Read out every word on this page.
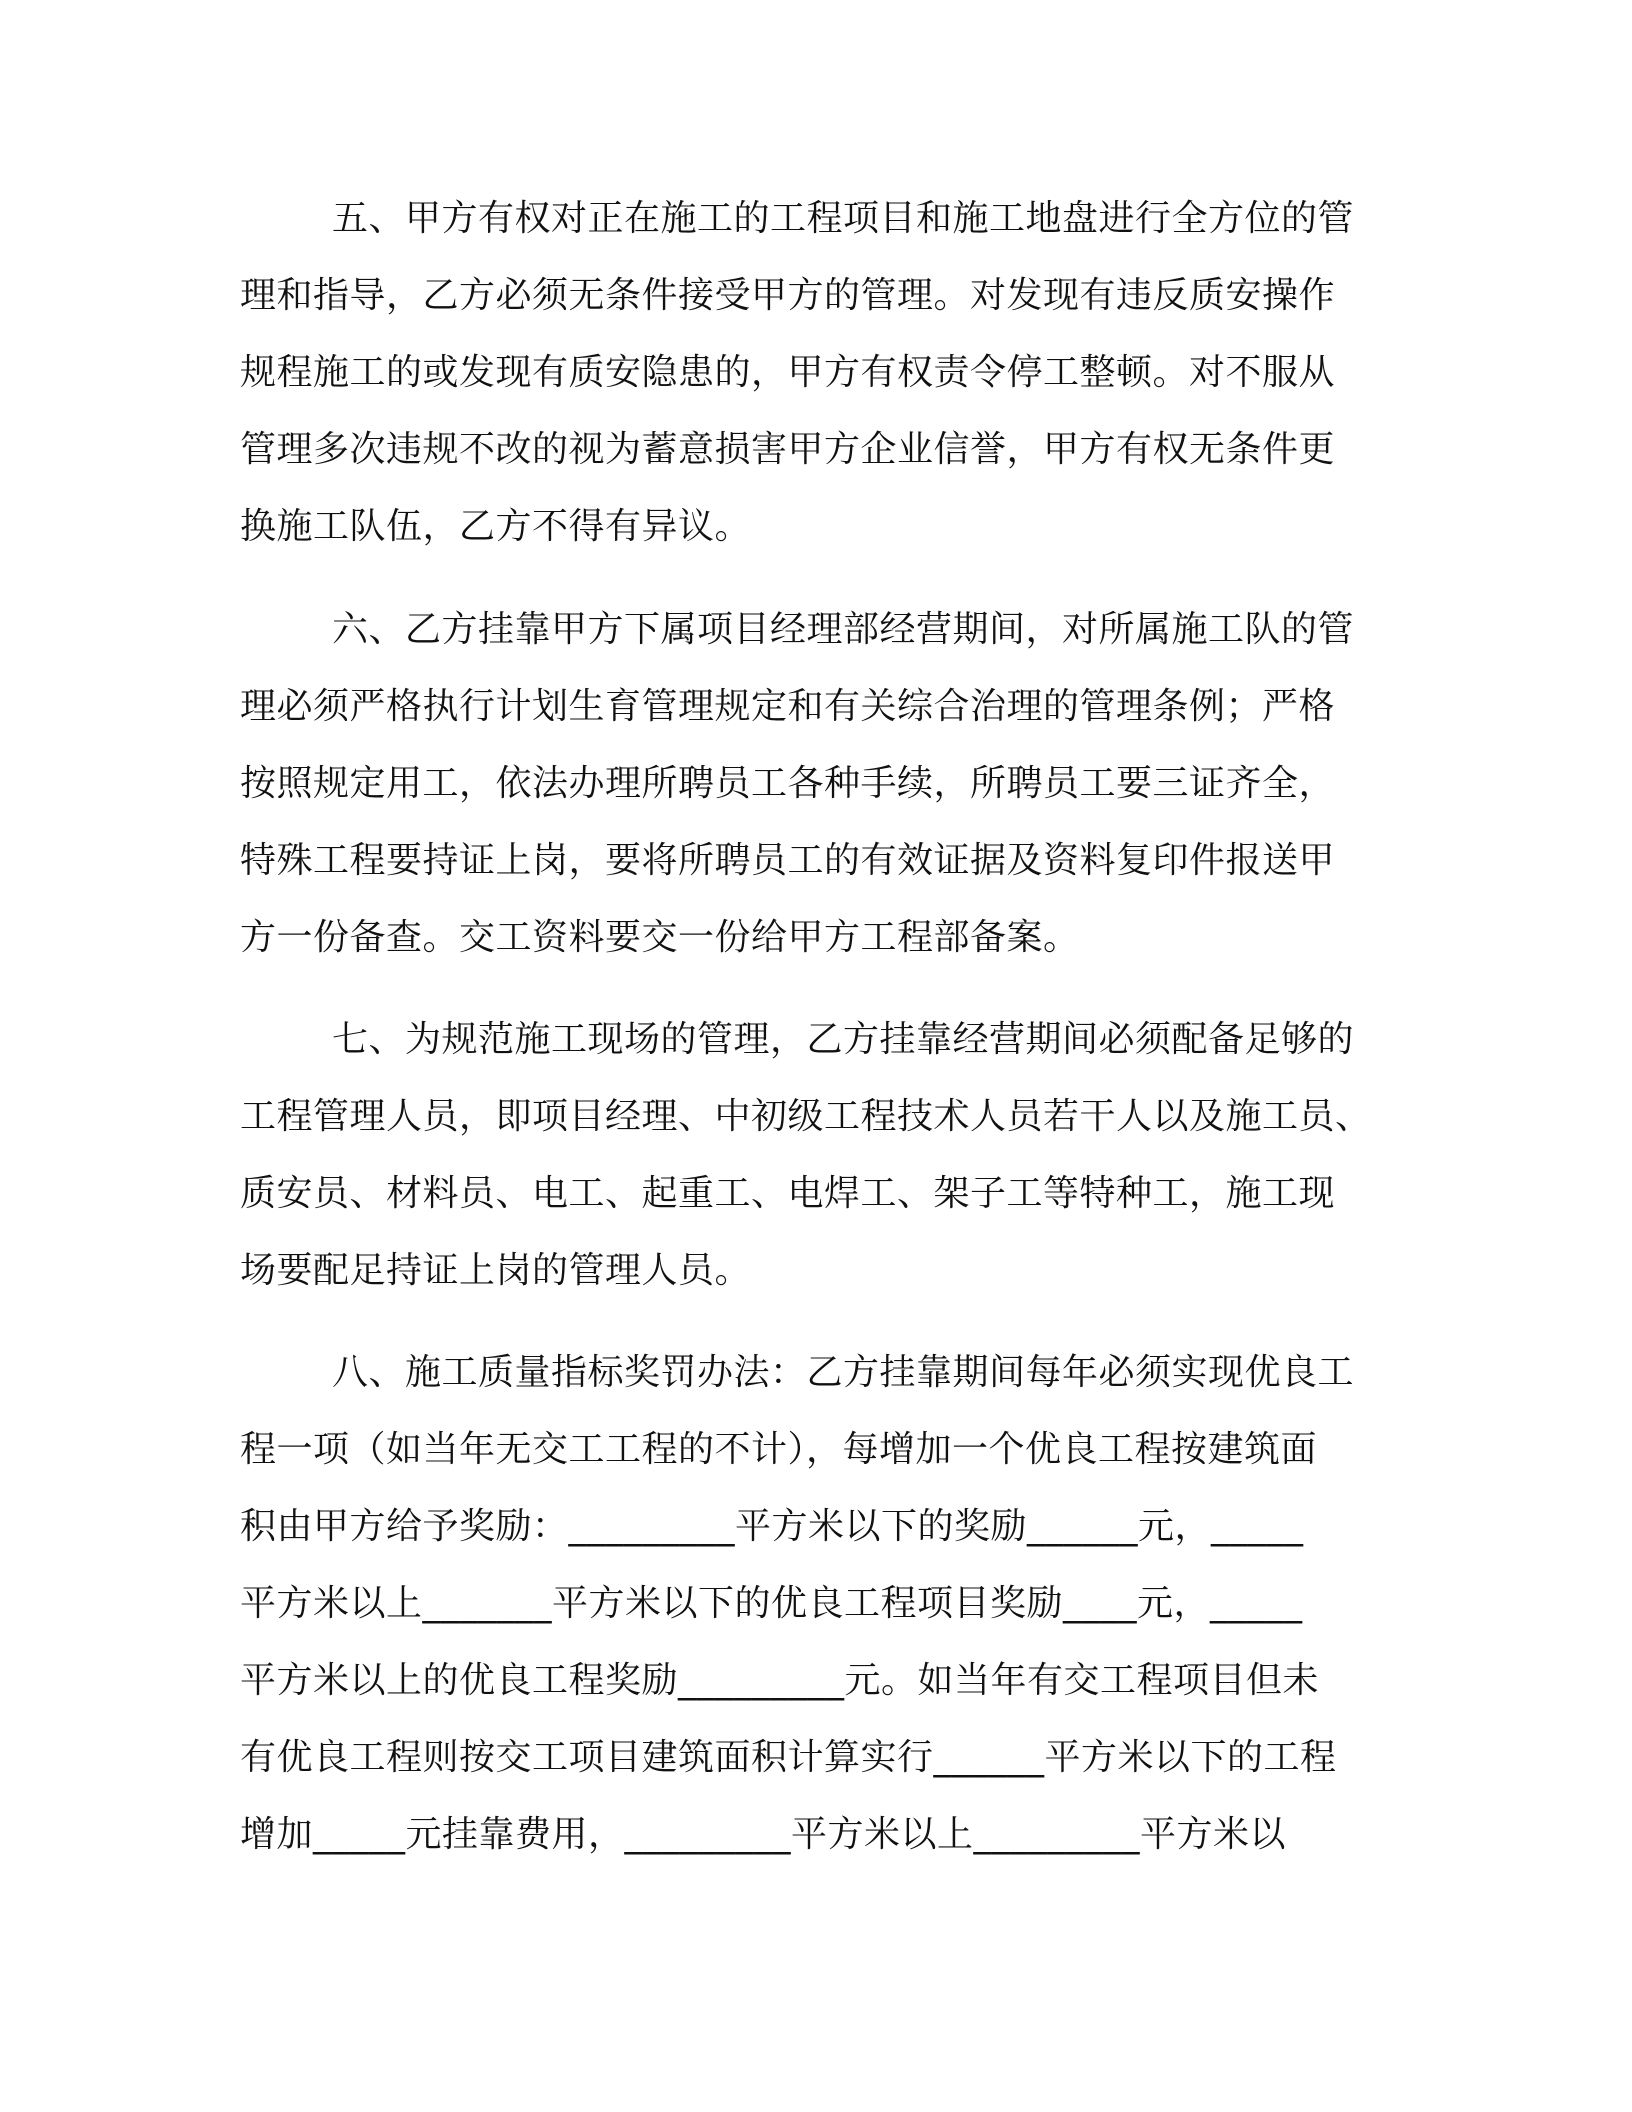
五、甲方有权对正在施工的工程项目和施工地盘进行全方位的管
理和指导，乙方必须无条件接受甲方的管理。对发现有违反质安操作
规程施工的或发现有质安隐患的，甲方有权责令停工整顿。对不服从
管理多次违规不改的视为蓄意损害甲方企业信誉，甲方有权无条件更
换施工队伍，乙方不得有异议。
六、乙方挂靠甲方下属项目经理部经营期间，对所属施工队的管
理必须严格执行计划生育管理规定和有关综合治理的管理条例；严格
按照规定用工，依法办理所聘员工各种手续，所聘员工要三证齐全，
特殊工程要持证上岗，要将所聘员工的有效证据及资料复印件报送甲
方一份备查。交工资料要交一份给甲方工程部备案。
七、为规范施工现场的管理，乙方挂靠经营期间必须配备足够的
工程管理人员，即项目经理、中初级工程技术人员若干人以及施工员、
质安员、材料员、电工、起重工、电焊工、架子工等特种工，施工现
场要配足持证上岗的管理人员。
八、施工质量指标奖罚办法：乙方挂靠期间每年必须实现优良工
程一项（如当年无交工工程的不计），每增加一个优良工程按建筑面
积由甲方给予奖励：_________平方米以下的奖励______元，_____
平方米以上_______平方米以下的优良工程项目奖励____元，_____
平方米以上的优良工程奖励_________元。如当年有交工程项目但未
有优良工程则按交工项目建筑面积计算实行______平方米以下的工程
增加_____元挂靠费用，_________平方米以上_________平方米以
